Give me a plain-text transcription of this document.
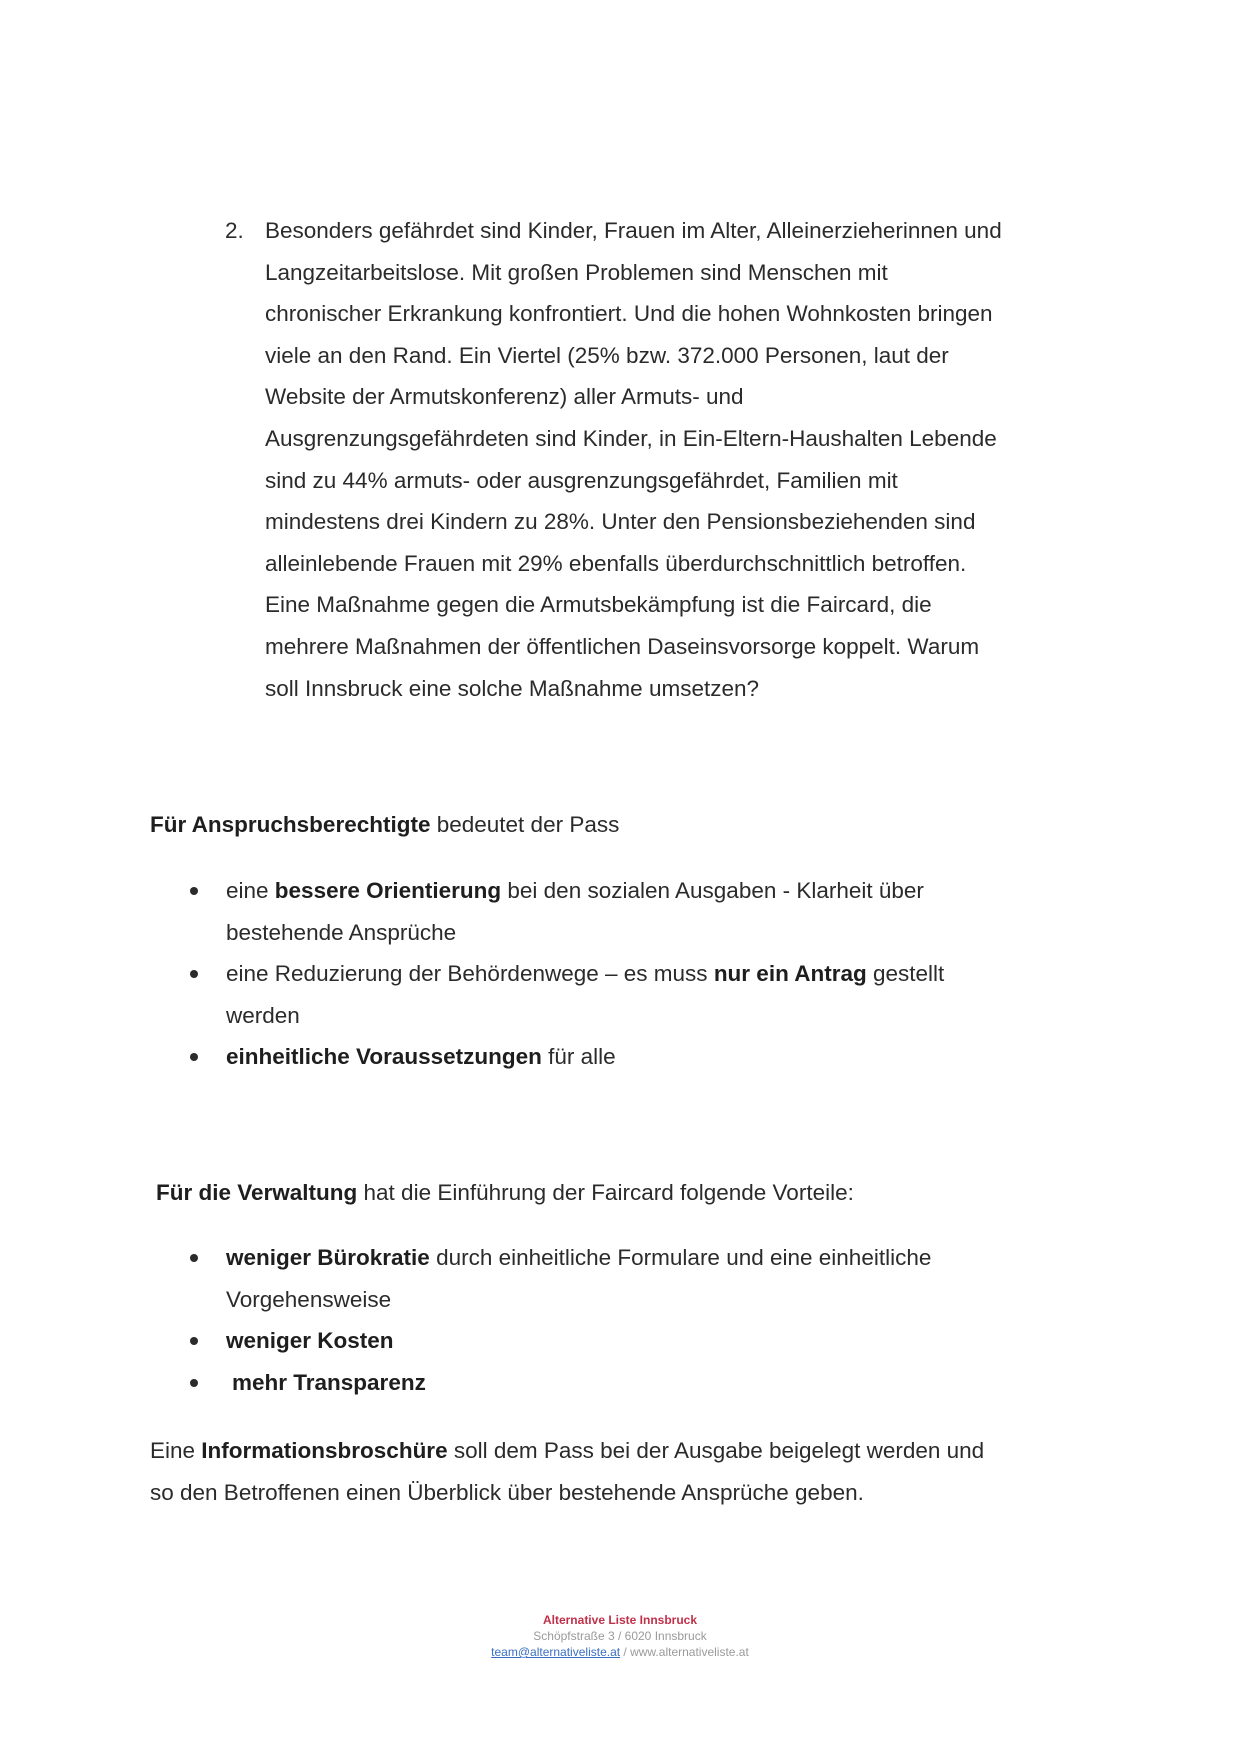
2. Besonders gefährdet sind Kinder, Frauen im Alter, Alleinerzieherinnen und
Langzeitarbeitslose. Mit großen Problemen sind Menschen mit
chronischer Erkrankung konfrontiert. Und die hohen Wohnkosten bringen
viele an den Rand. Ein Viertel (25% bzw. 372.000 Personen, laut der
Website der Armutskonferenz) aller Armuts- und
Ausgrenzungsgefährdeten sind Kinder, in Ein-Eltern-Haushalten Lebende
sind zu 44% armuts- oder ausgrenzungsgefährdet, Familien mit
mindestens drei Kindern zu 28%. Unter den Pensionsbeziehenden sind
alleinlebende Frauen mit 29% ebenfalls überdurchschnittlich betroffen.
Eine Maßnahme gegen die Armutsbekämpfung ist die Faircard, die
mehrere Maßnahmen der öffentlichen Daseinsvorsorge koppelt. Warum
soll Innsbruck eine solche Maßnahme umsetzen?
Für Anspruchsberechtigte bedeutet der Pass
eine bessere Orientierung bei den sozialen Ausgaben - Klarheit über
bestehende Ansprüche
eine Reduzierung der Behördenwege – es muss nur ein Antrag gestellt
werden
einheitliche Voraussetzungen für alle
Für die Verwaltung hat die Einführung der Faircard folgende Vorteile:
weniger Bürokratie durch einheitliche Formulare und eine einheitliche
Vorgehensweise
weniger Kosten
mehr Transparenz
Eine Informationsbroschüre soll dem Pass bei der Ausgabe beigelegt werden und
so den Betroffenen einen Überblick über bestehende Ansprüche geben.
Alternative Liste Innsbruck
Schöpfstraße 3 / 6020 Innsbruck
team@alternativeliste.at / www.alternativeliste.at
